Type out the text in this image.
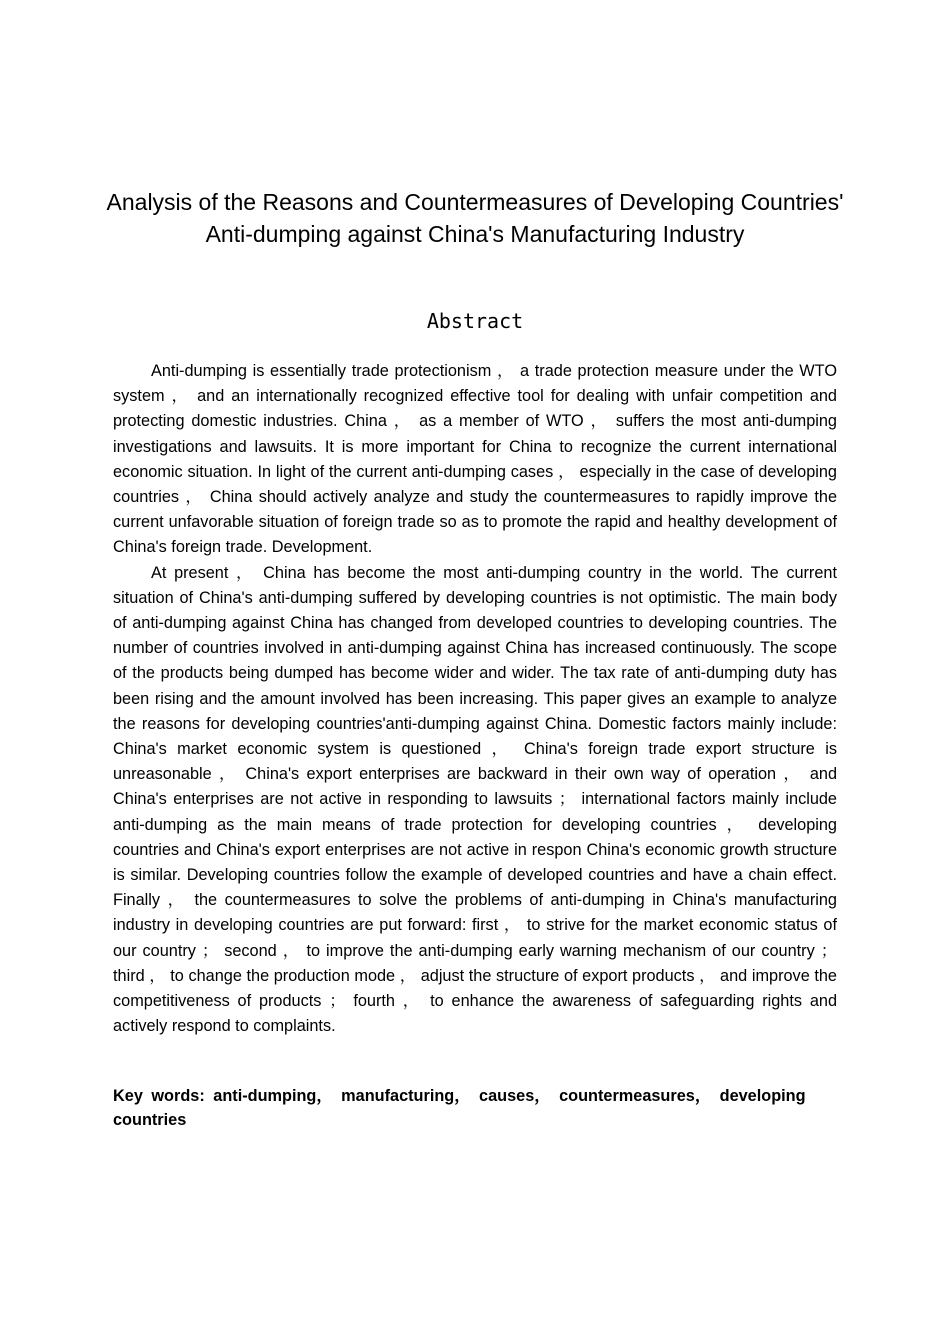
Analysis of the Reasons and Countermeasures of Developing Countries' Anti-dumping against China's Manufacturing Industry
Abstract

Anti-dumping is essentially trade protectionism ， a trade protection measure under the WTO system ， and an internationally recognized effective tool for dealing with unfair competition and protecting domestic industries. China ， as a member of WTO ， suffers the most anti-dumping investigations and lawsuits. It is more important for China to recognize the current international economic situation. In light of the current anti-dumping cases ， especially in the case of developing countries ， China should actively analyze and study the countermeasures to rapidly improve the current unfavorable situation of foreign trade so as to promote the rapid and healthy development of China's foreign trade. Development.

At present ， China has become the most anti-dumping country in the world. The current situation of China's anti-dumping suffered by developing countries is not optimistic. The main body of anti-dumping against China has changed from developed countries to developing countries. The number of countries involved in anti-dumping against China has increased continuously. The scope of the products being dumped has become wider and wider. The tax rate of anti-dumping duty has been rising and the amount involved has been increasing. This paper gives an example to analyze the reasons for developing countries'anti-dumping against China. Domestic factors mainly include: China's market economic system is questioned ， China's foreign trade export structure is unreasonable ， China's export enterprises are backward in their own way of operation ， and China's enterprises are not active in responding to lawsuits ； international factors mainly include anti-dumping as the main means of trade protection for developing countries ， developing countries and China's export enterprises are not active in respon China's economic growth structure is similar. Developing countries follow the example of developed countries and have a chain effect. Finally ， the countermeasures to solve the problems of anti-dumping in China's manufacturing industry in developing countries are put forward: first ， to strive for the market economic status of our country ； second ， to improve the anti-dumping early warning mechanism of our country ； third ， to change the production mode ， adjust the structure of export products ， and improve the competitiveness of products ； fourth ， to enhance the awareness of safeguarding rights and actively respond to complaints.

Key words: anti-dumping， manufacturing， causes， countermeasures， developing countries
